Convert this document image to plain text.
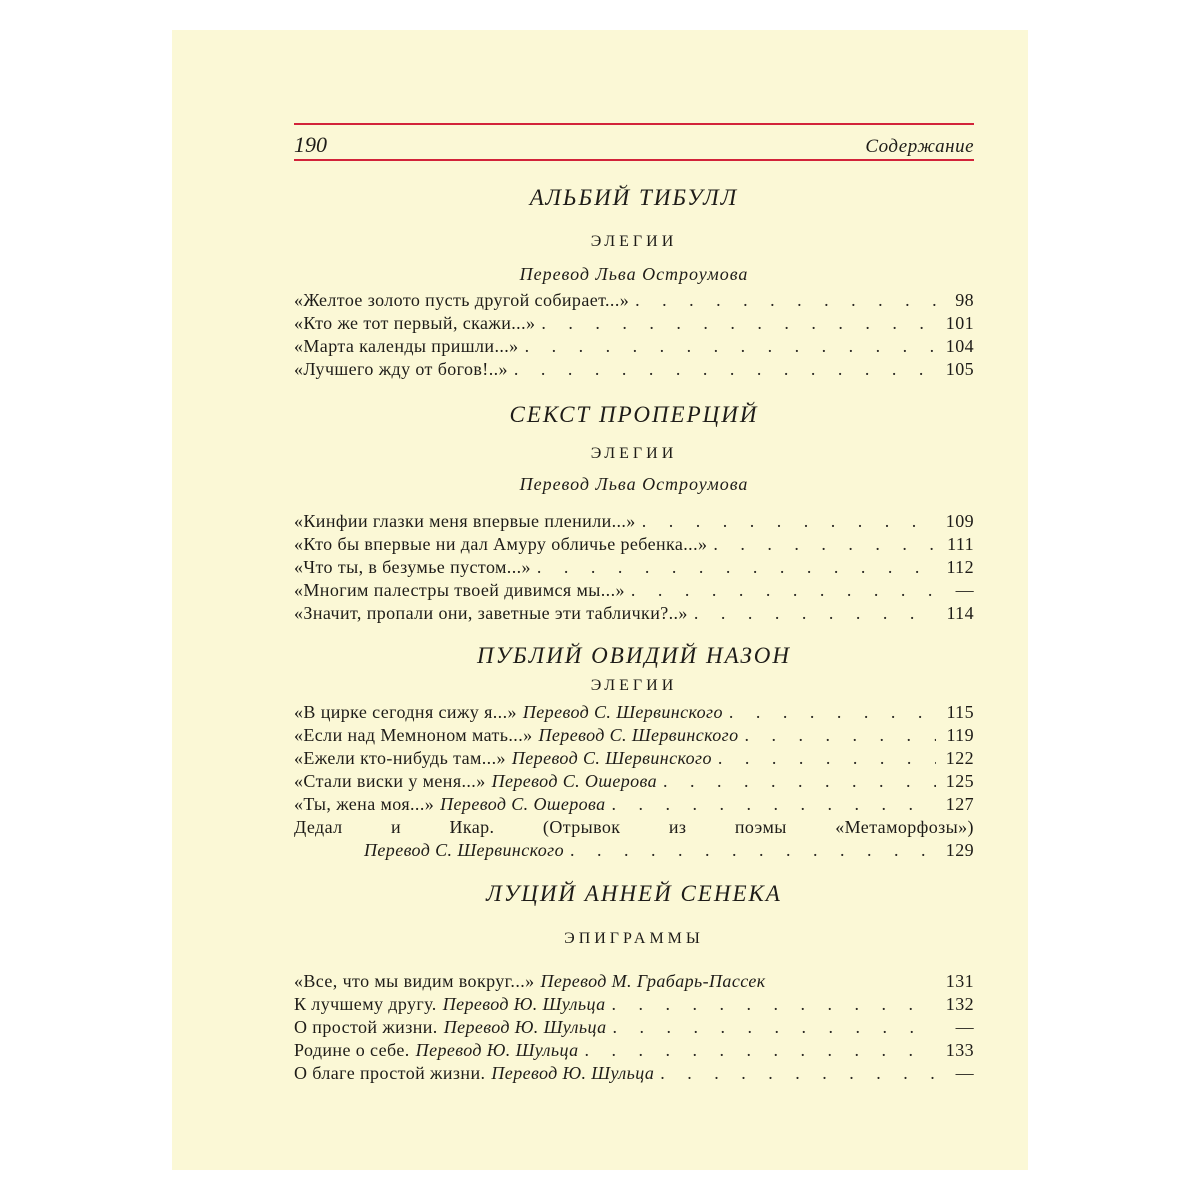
190	Содержание
АЛЬБИЙ ТИБУЛЛ
ЭЛЕГИИ
Перевод Льва Остроумова
«Желтое золото пусть другой собирает...» . . .	98
«Кто же тот первый, скажи...» . . .	101
«Марта календы пришли...» . . .	104
«Лучшего жду от богов!..» . . .	105
СЕКСТ ПРОПЕРЦИЙ
ЭЛЕГИИ
Перевод Льва Остроумова
«Кинфии глазки меня впервые пленили...» . . .	109
«Кто бы впервые ни дал Амуру обличье ребенка...» . . .	111
«Что ты, в безумье пустом...» . . .	112
«Многим палестры твоей дивимся мы...» . . .	—
«Значит, пропали они, заветные эти таблички?..» . . .	114
ПУБЛИЙ ОВИДИЙ НАЗОН
ЭЛЕГИИ
«В цирке сегодня сижу я...» Перевод С. Шервинского . . .	115
«Если над Мемноном мать...» Перевод С. Шервинского . . .	119
«Ежели кто-нибудь там...» Перевод С. Шервинского . . .	122
«Стали виски у меня...» Перевод С. Ошерова . . .	125
«Ты, жена моя...» Перевод С. Ошерова . . .	127
Дедал	и	Икар.	(Отрывок	из	поэмы	«Метаморфозы»)
Перевод С. Шервинского . . .	129
ЛУЦИЙ АННЕЙ СЕНЕКА
ЭПИГРАММЫ
«Все, что мы видим вокруг...» Перевод М. Грабарь-Пассек	131
К лучшему другу. Перевод Ю. Шульца . . .	132
О простой жизни. Перевод Ю. Шульца . . .	—
Родине о себе. Перевод Ю. Шульца . . .	133
О благе простой жизни. Перевод Ю. Шульца . . .	—
